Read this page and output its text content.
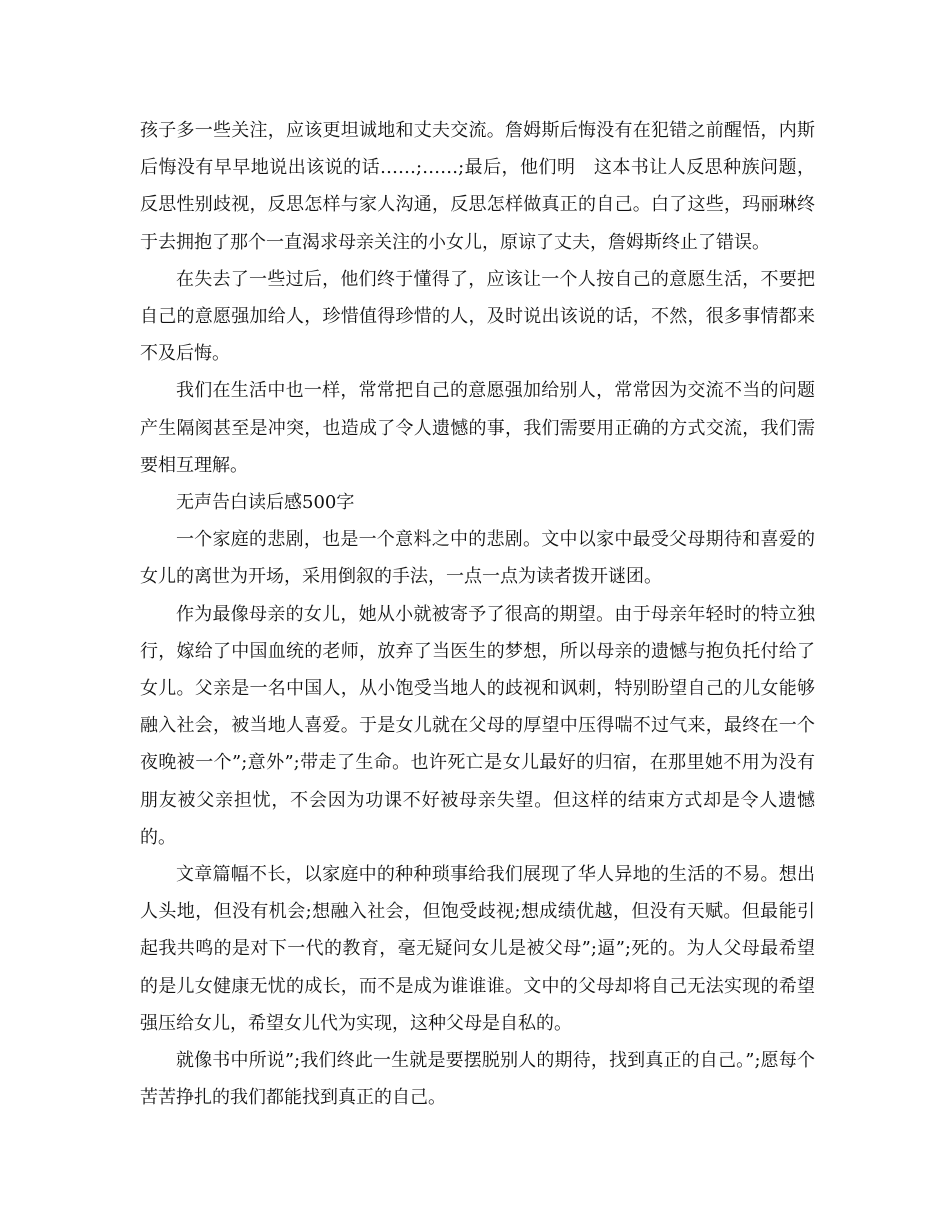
孩子多一些关注，应该更坦诚地和丈夫交流。詹姆斯后悔没有在犯错之前醒悟，内斯后悔没有早早地说出该说的话……;……;最后，他们明　这本书让人反思种族问题，反思性别歧视，反思怎样与家人沟通，反思怎样做真正的自己。白了这些，玛丽琳终于去拥抱了那个一直渴求母亲关注的小女儿，原谅了丈夫，詹姆斯终止了错误。

在失去了一些过后，他们终于懂得了，应该让一个人按自己的意愿生活，不要把自己的意愿强加给人，珍惜值得珍惜的人，及时说出该说的话，不然，很多事情都来不及后悔。

我们在生活中也一样，常常把自己的意愿强加给别人，常常因为交流不当的问题产生隔阂甚至是冲突，也造成了令人遗憾的事，我们需要用正确的方式交流，我们需要相互理解。

无声告白读后感500字

一个家庭的悲剧，也是一个意料之中的悲剧。文中以家中最受父母期待和喜爱的女儿的离世为开场，采用倒叙的手法，一点一点为读者拨开谜团。

作为最像母亲的女儿，她从小就被寄予了很高的期望。由于母亲年轻时的特立独行，嫁给了中国血统的老师，放弃了当医生的梦想，所以母亲的遗憾与抱负托付给了女儿。父亲是一名中国人，从小饱受当地人的歧视和讽刺，特别盼望自己的儿女能够融入社会，被当地人喜爱。于是女儿就在父母的厚望中压得喘不过气来，最终在一个夜晚被一个”;意外”;带走了生命。也许死亡是女儿最好的归宿，在那里她不用为没有朋友被父亲担忧，不会因为功课不好被母亲失望。但这样的结束方式却是令人遗憾的。

文章篇幅不长，以家庭中的种种琐事给我们展现了华人异地的生活的不易。想出人头地，但没有机会;想融入社会，但饱受歧视;想成绩优越，但没有天赋。但最能引起我共鸣的是对下一代的教育，毫无疑问女儿是被父母”;逼”;死的。为人父母最希望的是儿女健康无忧的成长，而不是成为谁谁谁。文中的父母却将自己无法实现的希望强压给女儿，希望女儿代为实现，这种父母是自私的。

就像书中所说”;我们终此一生就是要摆脱别人的期待，找到真正的自己。”;愿每个苦苦挣扎的我们都能找到真正的自己。
